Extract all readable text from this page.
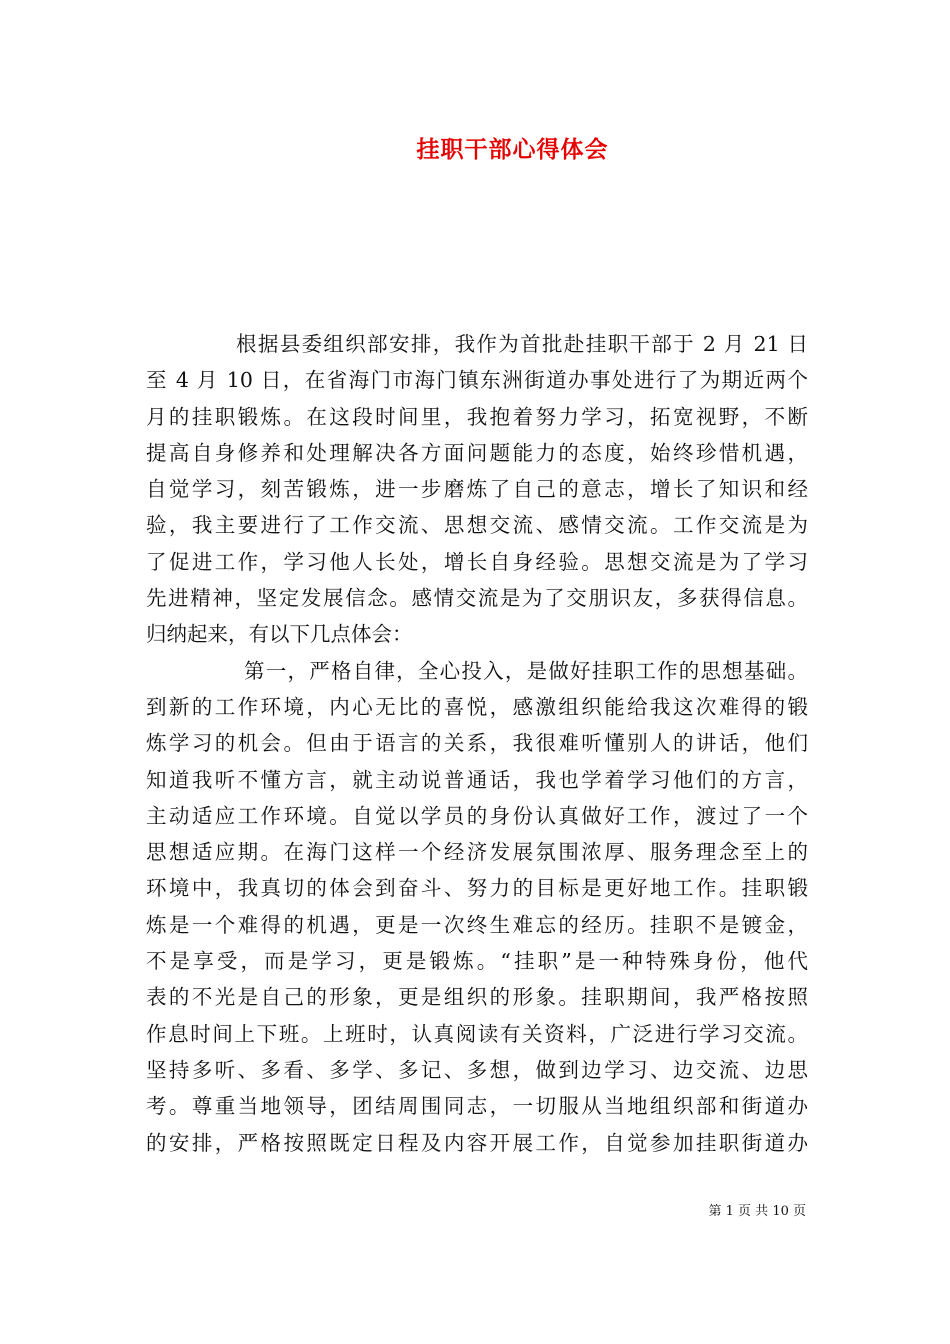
挂职干部心得体会
根据县委组织部安排，我作为首批赴挂职干部于 2 月 21 日
至 4 月 10 日，在省海门市海门镇东洲街道办事处进行了为期近两个
月的挂职锻炼。在这段时间里，我抱着努力学习，拓宽视野，不断
提高自身修养和处理解决各方面问题能力的态度，始终珍惜机遇，
自觉学习，刻苦锻炼，进一步磨炼了自己的意志，增长了知识和经
验，我主要进行了工作交流、思想交流、感情交流。工作交流是为
了促进工作，学习他人长处，增长自身经验。思想交流是为了学习
先进精神，坚定发展信念。感情交流是为了交朋识友，多获得信息。
归纳起来，有以下几点体会：
第一，严格自律，全心投入，是做好挂职工作的思想基础。
到新的工作环境，内心无比的喜悦，感激组织能给我这次难得的锻
炼学习的机会。但由于语言的关系，我很难听懂别人的讲话，他们
知道我听不懂方言，就主动说普通话，我也学着学习他们的方言，
主动适应工作环境。自觉以学员的身份认真做好工作，渡过了一个
思想适应期。在海门这样一个经济发展氛围浓厚、服务理念至上的
环境中，我真切的体会到奋斗、努力的目标是更好地工作。挂职锻
炼是一个难得的机遇，更是一次终生难忘的经历。挂职不是镀金，
不是享受，而是学习，更是锻炼。“挂职”是一种特殊身份，他代
表的不光是自己的形象，更是组织的形象。挂职期间，我严格按照
作息时间上下班。上班时，认真阅读有关资料，广泛进行学习交流。
坚持多听、多看、多学、多记、多想，做到边学习、边交流、边思
考。尊重当地领导，团结周围同志，一切服从当地组织部和街道办
的安排，严格按照既定日程及内容开展工作，自觉参加挂职街道办
第 1 页 共 10 页
